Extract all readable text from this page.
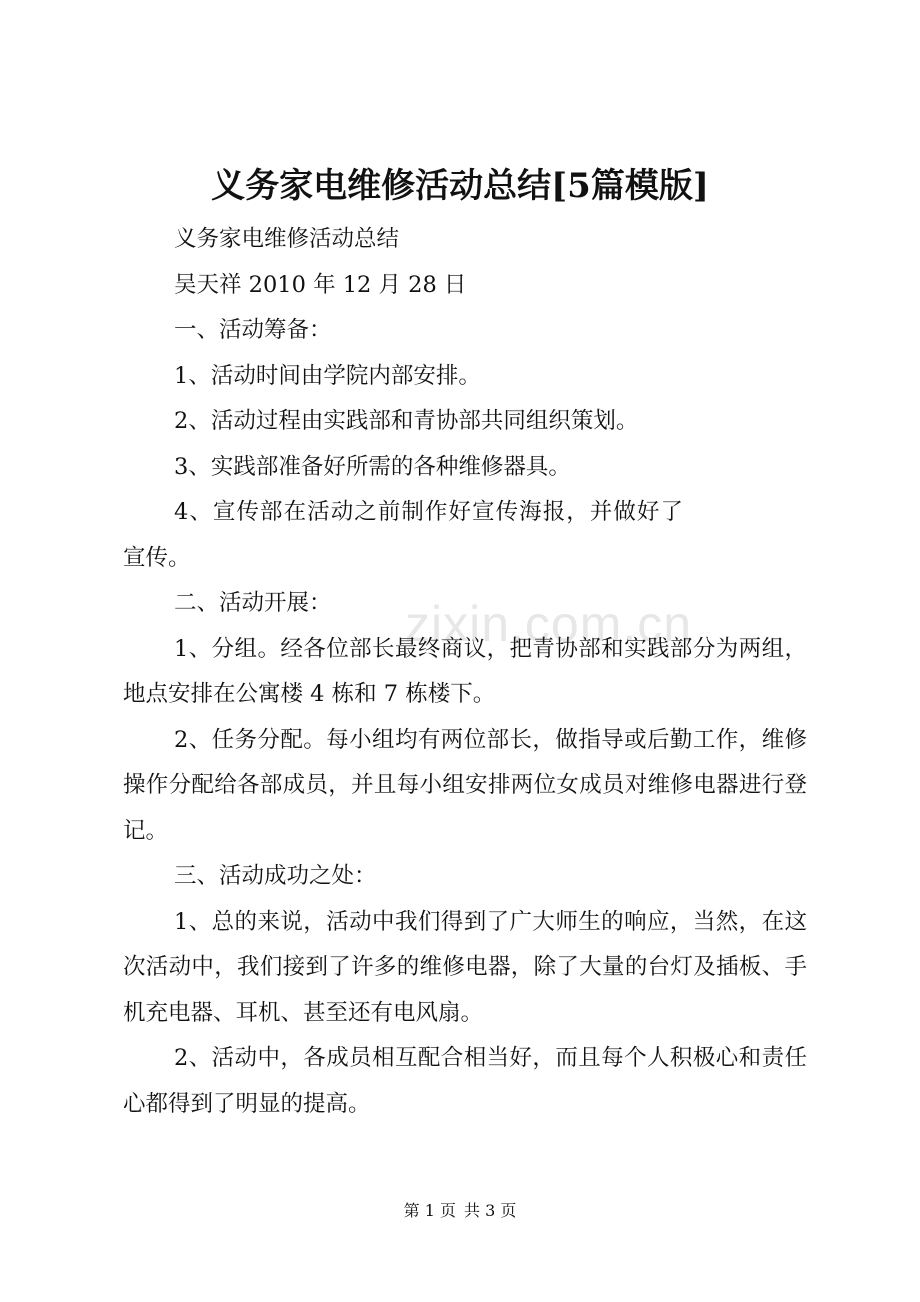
zixin.com.cn
义务家电维修活动总结[5篇模版]

义务家电维修活动总结

吴天祥 2010 年 12 月 28 日

一、活动筹备：

1、活动时间由学院内部安排。

2、活动过程由实践部和青协部共同组织策划。

3、实践部准备好所需的各种维修器具。

4、宣传部在活动之前制作好宣传海报，并做好了宣传。

二、活动开展：

1、分组。经各位部长最终商议，把青协部和实践部分为两组，地点安排在公寓楼 4 栋和 7 栋楼下。

2、任务分配。每小组均有两位部长，做指导或后勤工作，维修操作分配给各部成员，并且每小组安排两位女成员对维修电器进行登记。

三、活动成功之处：

1、总的来说，活动中我们得到了广大师生的响应，当然，在这次活动中，我们接到了许多的维修电器，除了大量的台灯及插板、手机充电器、耳机、甚至还有电风扇。

2、活动中，各成员相互配合相当好，而且每个人积极心和责任心都得到了明显的提高。

第 1 页 共 3 页
